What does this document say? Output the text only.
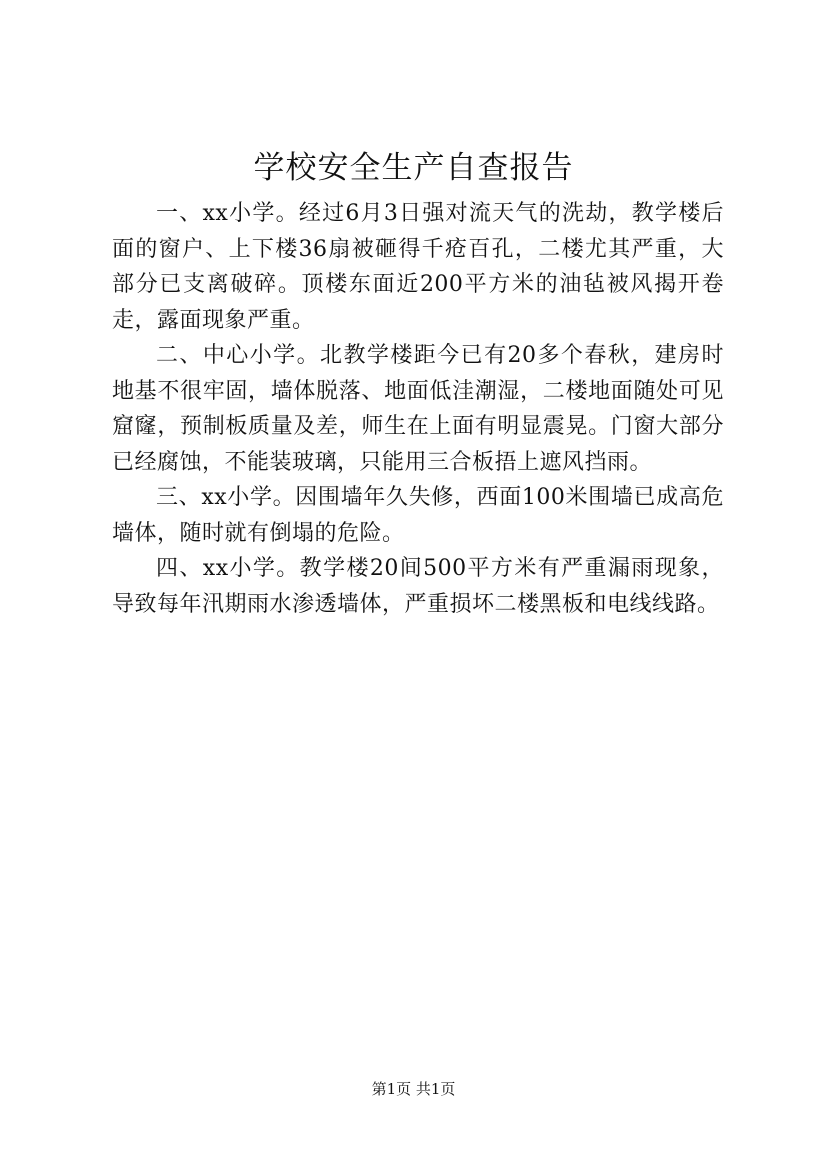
学校安全生产自查报告

一、xx小学。经过6月3日强对流天气的洗劫，教学楼后面的窗户、上下楼36扇被砸得千疮百孔，二楼尤其严重，大部分已支离破碎。顶楼东面近200平方米的油毡被风揭开卷走，露面现象严重。

二、中心小学。北教学楼距今已有20多个春秋，建房时地基不很牢固，墙体脱落、地面低洼潮湿，二楼地面随处可见窟窿，预制板质量及差，师生在上面有明显震晃。门窗大部分已经腐蚀，不能装玻璃，只能用三合板捂上遮风挡雨。

三、xx小学。因围墙年久失修，西面100米围墙已成高危墙体，随时就有倒塌的危险。

四、xx小学。教学楼20间500平方米有严重漏雨现象，导致每年汛期雨水渗透墙体，严重损坏二楼黑板和电线线路。

第1页 共1页
